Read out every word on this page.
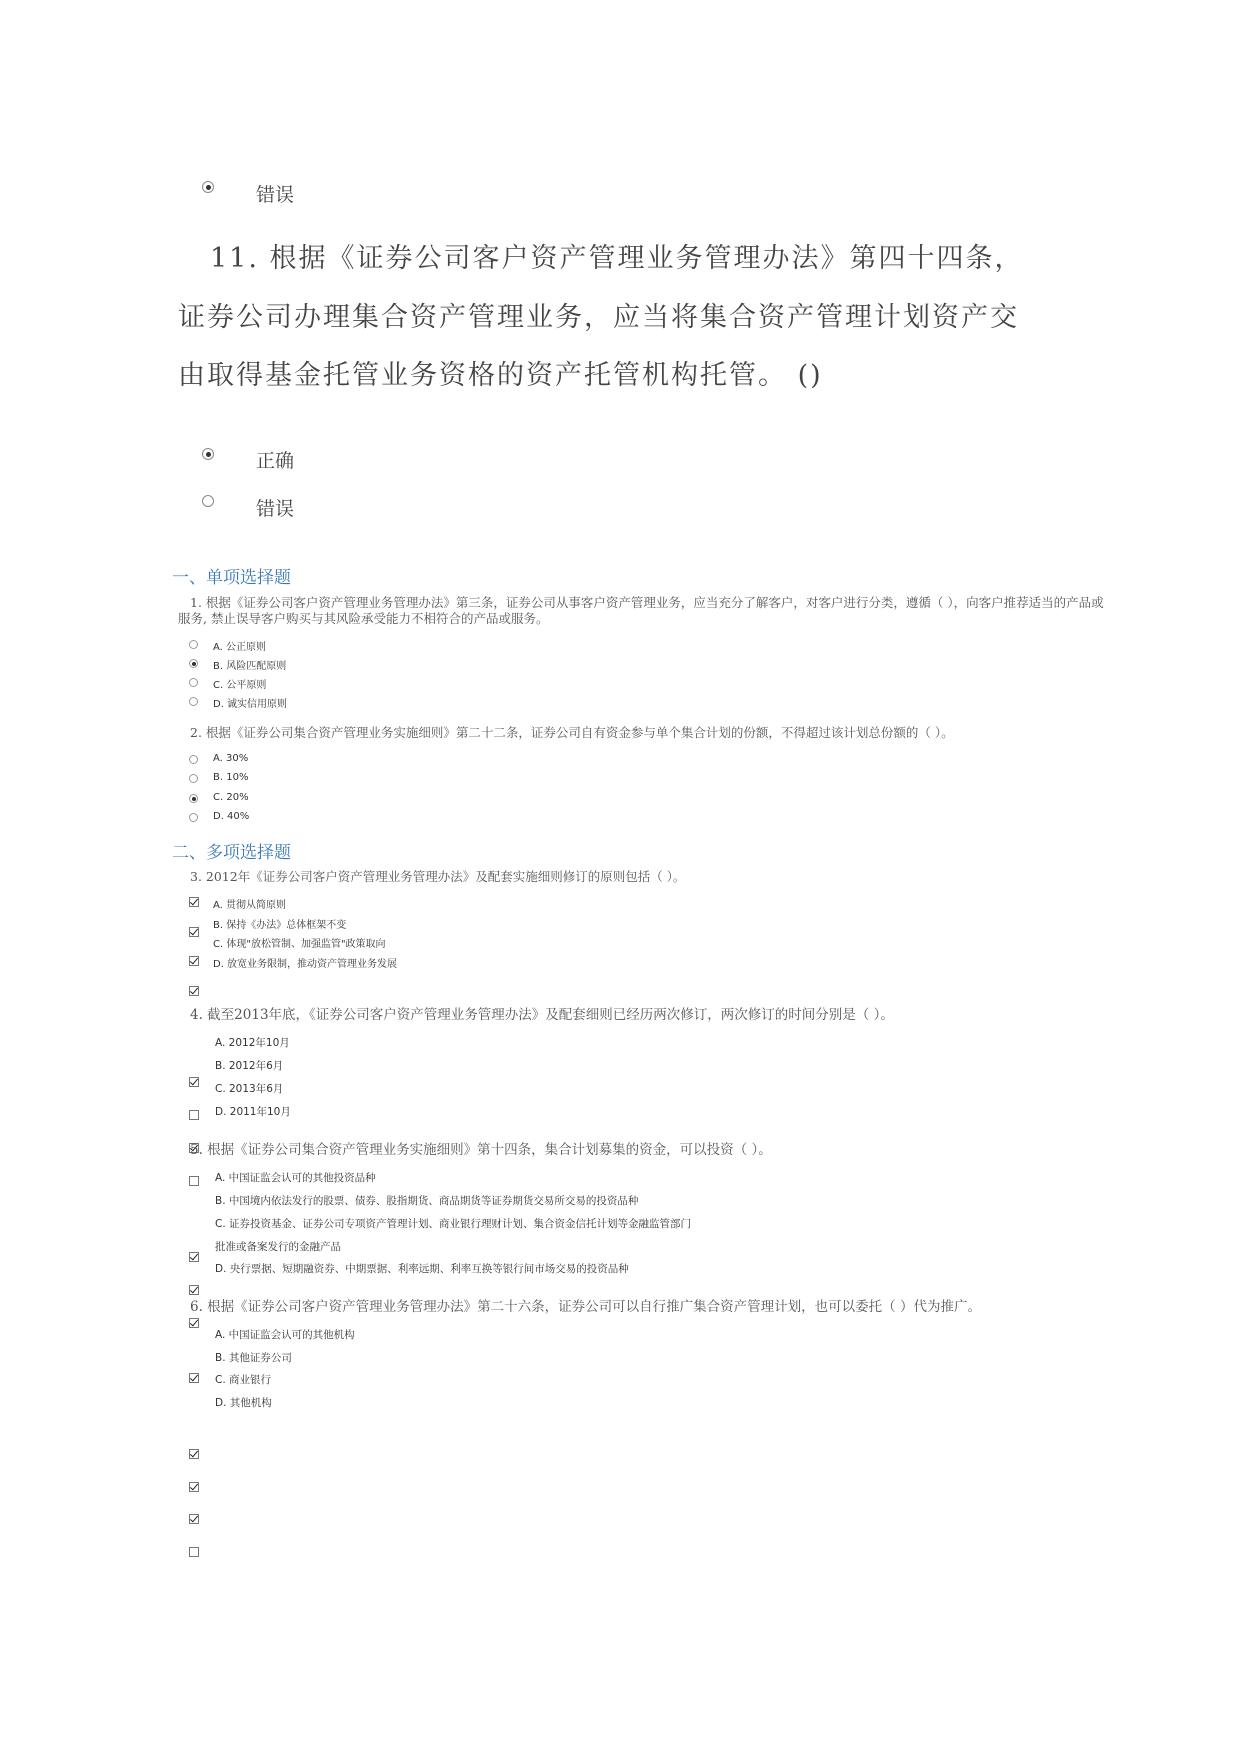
错误
11. 根据《证券公司客户资产管理业务管理办法》第四十四条，
证券公司办理集合资产管理业务，应当将集合资产管理计划资产交
由取得基金托管业务资格的资产托管机构托管。 ()
正确
错误
一、单项选择题
1. 根据《证券公司客户资产管理业务管理办法》第三条，证券公司从事客户资产管理业务，应当充分了解客户，对客户进行分类，遵循（ ），向客户推荐适当的产品或
服务, 禁止误导客户购买与其风险承受能力不相符合的产品或服务。
A. 公正原则
B. 风险匹配原则
C. 公平原则
D. 诚实信用原则
2. 根据《证券公司集合资产管理业务实施细则》第二十二条，证券公司自有资金参与单个集合计划的份额，不得超过该计划总份额的（ ）。
A. 30%
B. 10%
C. 20%
D. 40%
二、多项选择题
3. 2012年《证券公司客户资产管理业务管理办法》及配套实施细则修订的原则包括（ ）。
A. 贯彻从简原则
B. 保持《办法》总体框架不变
C. 体现"放松管制、加强监管"政策取向
D. 放宽业务限制，推动资产管理业务发展
4. 截至2013年底，《证券公司客户资产管理业务管理办法》及配套细则已经历两次修订，两次修订的时间分别是（ ）。
A. 2012年10月
B. 2012年6月
C. 2013年6月
D. 2011年10月
5. 根据《证券公司集合资产管理业务实施细则》第十四条，集合计划募集的资金，可以投资（ ）。
A. 中国证监会认可的其他投资品种
B. 中国境内依法发行的股票、债券、股指期货、商品期货等证券期货交易所交易的投资品种
C. 证券投资基金、证券公司专项资产管理计划、商业银行理财计划、集合资金信托计划等金融监管部门
批准或备案发行的金融产品
D. 央行票据、短期融资券、中期票据、利率远期、利率互换等银行间市场交易的投资品种
6. 根据《证券公司客户资产管理业务管理办法》第二十六条，证券公司可以自行推广集合资产管理计划，也可以委托（ ）代为推广。
A. 中国证监会认可的其他机构
B. 其他证券公司
C. 商业银行
D. 其他机构
